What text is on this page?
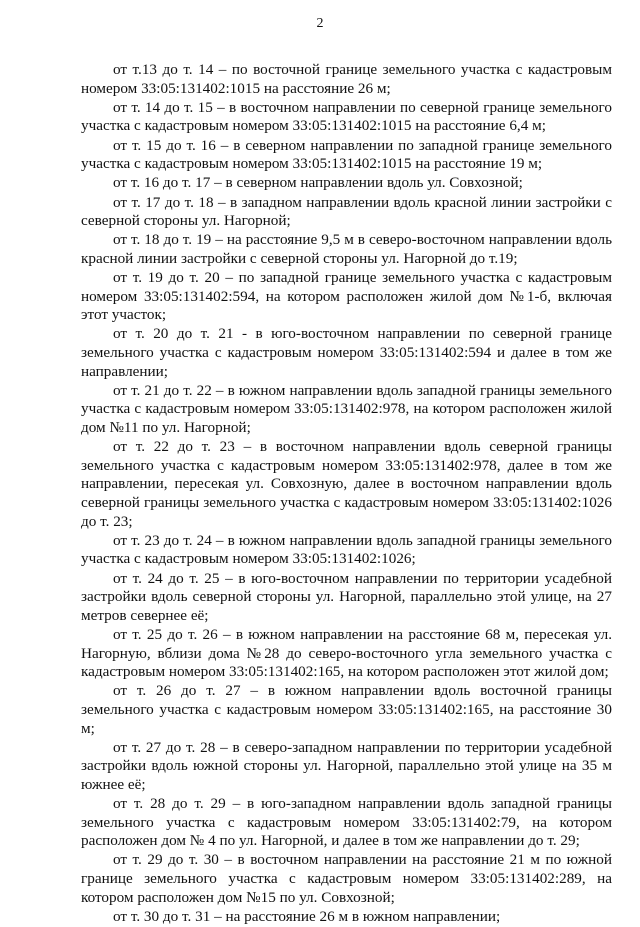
2

от т.13 до т. 14 – по восточной границе земельного участка с кадастровым номером 33:05:131402:1015 на расстояние 26 м;

от т. 14 до т. 15 – в восточном направлении по северной границе земельного участка с кадастровым номером 33:05:131402:1015 на расстояние 6,4 м;

от т. 15 до т. 16 – в северном направлении по западной границе земельного участка с кадастровым номером 33:05:131402:1015 на расстояние 19 м;

от т. 16 до т. 17 – в северном направлении вдоль ул. Совхозной;

от т. 17 до т. 18 – в западном направлении вдоль красной линии застройки с северной стороны ул. Нагорной;

от т. 18 до т. 19 – на расстояние 9,5 м в северо-восточном направлении вдоль красной линии застройки с северной стороны ул. Нагорной до т.19;

от т. 19 до т. 20 – по западной границе земельного участка с кадастровым номером 33:05:131402:594, на котором расположен жилой дом №1-б, включая этот участок;

от т. 20 до т. 21 - в юго-восточном направлении по северной границе земельного участка с кадастровым номером 33:05:131402:594 и далее в том же направлении;

от т. 21 до т. 22 – в южном направлении вдоль западной границы земельного участка с кадастровым номером 33:05:131402:978, на котором расположен жилой дом №11 по ул. Нагорной;

от т. 22 до т. 23 – в восточном направлении вдоль северной границы земельного участка с кадастровым номером 33:05:131402:978, далее в том же направлении, пересекая ул. Совхозную, далее в восточном направлении вдоль северной границы земельного участка с кадастровым номером 33:05:131402:1026 до т. 23;

от т. 23 до т. 24 – в южном направлении вдоль западной границы земельного участка с кадастровым номером 33:05:131402:1026;

от т. 24 до т. 25 – в юго-восточном направлении по территории усадебной застройки вдоль северной стороны ул. Нагорной, параллельно этой улице, на 27 метров севернее её;

от т. 25 до т. 26 – в южном направлении на расстояние 68 м, пересекая ул. Нагорную, вблизи дома №28 до северо-восточного угла земельного участка с кадастровым номером 33:05:131402:165, на котором расположен этот жилой дом;

от т. 26 до т. 27 – в южном направлении вдоль восточной границы земельного участка с кадастровым номером 33:05:131402:165, на расстояние 30 м;

от т. 27 до т. 28 – в северо-западном направлении по территории усадебной застройки вдоль южной стороны ул. Нагорной, параллельно этой улице на 35 м южнее её;

от т. 28 до т. 29 – в юго-западном направлении вдоль западной границы земельного участка с кадастровым номером 33:05:131402:79, на котором расположен дом № 4 по ул. Нагорной, и далее в том же направлении до т. 29;

от т. 29 до т. 30 – в восточном направлении на расстояние 21 м по южной границе земельного участка с кадастровым номером 33:05:131402:289, на котором расположен дом №15 по ул. Совхозной;

от т. 30 до т. 31 – на расстояние 26 м в южном направлении;
